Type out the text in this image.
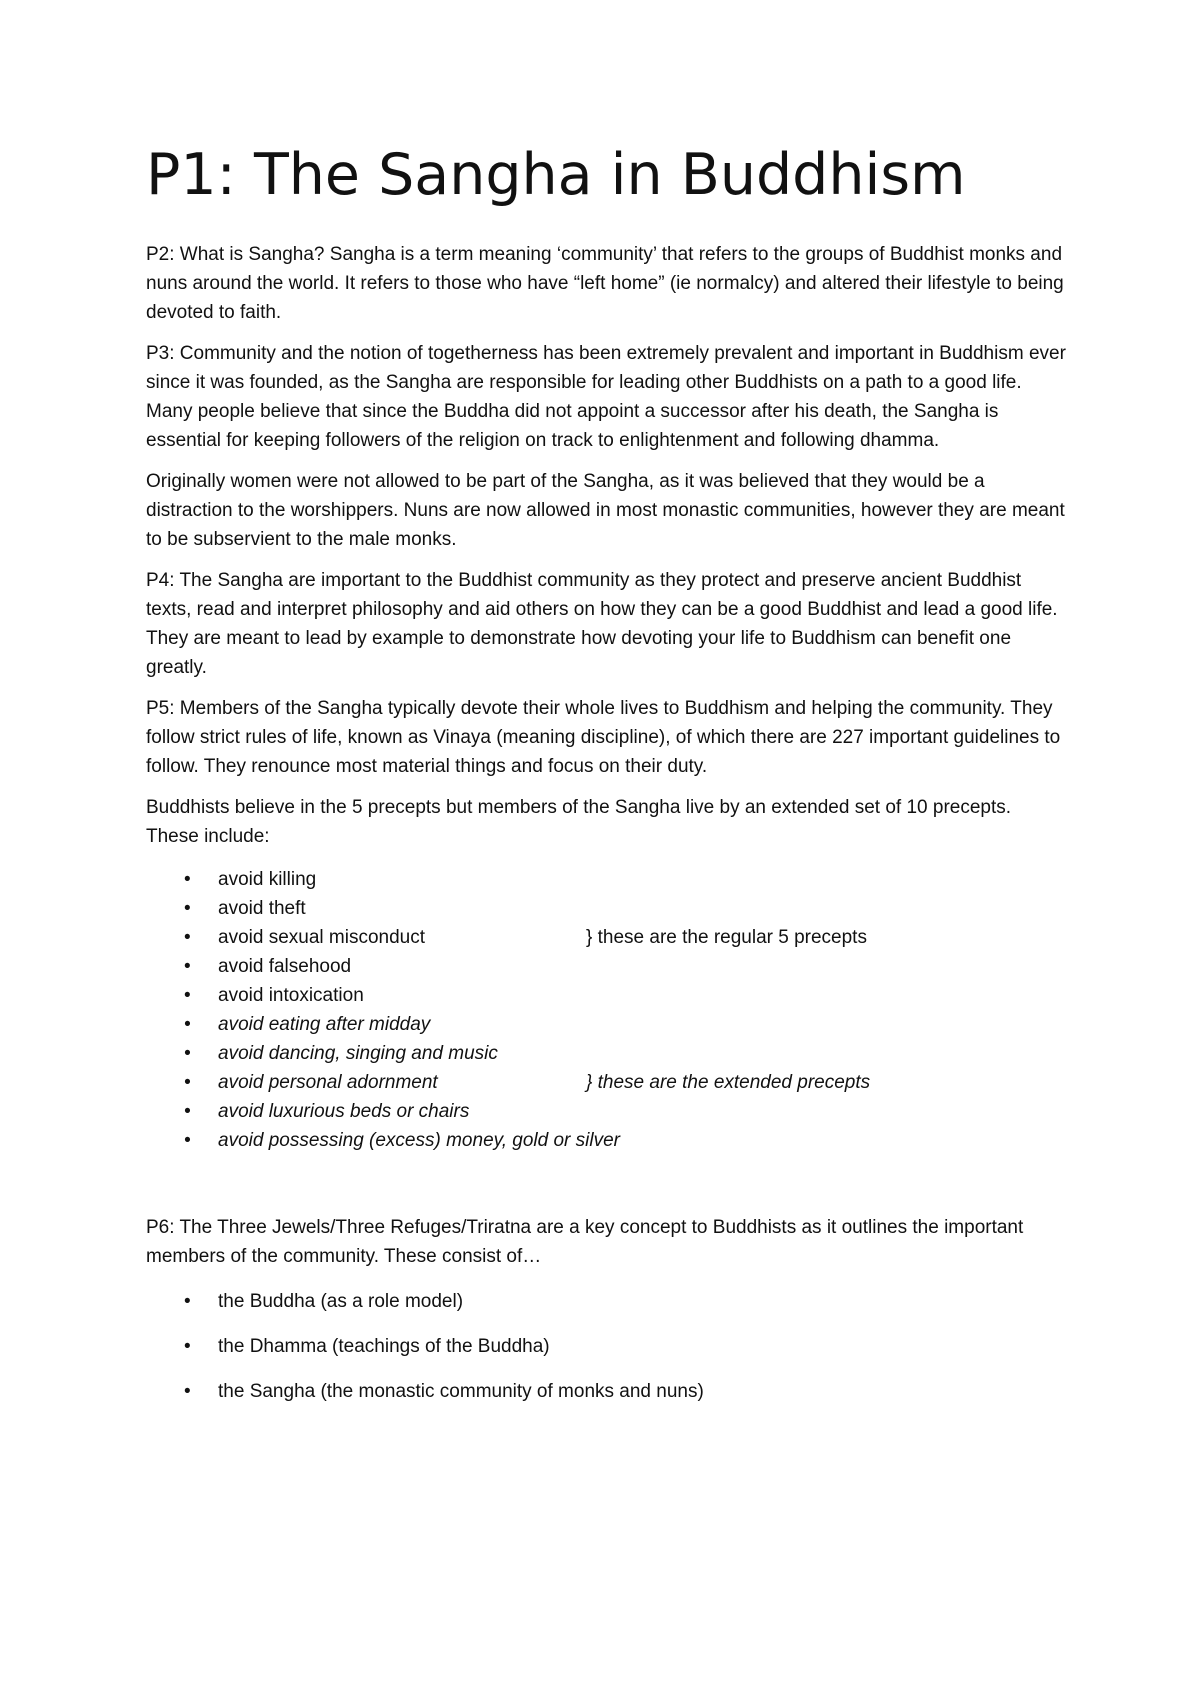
P1: The Sangha in Buddhism

P2: What is Sangha? Sangha is a term meaning ‘community’ that refers to the groups of Buddhist monks and nuns around the world. It refers to those who have “left home” (ie normalcy) and altered their lifestyle to being devoted to faith.

P3: Community and the notion of togetherness has been extremely prevalent and important in Buddhism ever since it was founded, as the Sangha are responsible for leading other Buddhists on a path to a good life. Many people believe that since the Buddha did not appoint a successor after his death, the Sangha is essential for keeping followers of the religion on track to enlightenment and following dhamma.

Originally women were not allowed to be part of the Sangha, as it was believed that they would be a distraction to the worshippers. Nuns are now allowed in most monastic communities, however they are meant to be subservient to the male monks.

P4: The Sangha are important to the Buddhist community as they protect and preserve ancient Buddhist texts, read and interpret philosophy and aid others on how they can be a good Buddhist and lead a good life. They are meant to lead by example to demonstrate how devoting your life to Buddhism can benefit one greatly.

P5: Members of the Sangha typically devote their whole lives to Buddhism and helping the community. They follow strict rules of life, known as Vinaya (meaning discipline), of which there are 227 important guidelines to follow. They renounce most material things and focus on their duty.

Buddhists believe in the 5 precepts but members of the Sangha live by an extended set of 10 precepts. These include:

• avoid killing
• avoid theft
• avoid sexual misconduct	} these are the regular 5 precepts
• avoid falsehood
• avoid intoxication
• avoid eating after midday
• avoid dancing, singing and music
• avoid personal adornment	} these are the extended precepts
• avoid luxurious beds or chairs
• avoid possessing (excess) money, gold or silver

P6: The Three Jewels/Three Refuges/Triratna are a key concept to Buddhists as it outlines the important members of the community. These consist of…

• the Buddha (as a role model)
• the Dhamma (teachings of the Buddha)
• the Sangha (the monastic community of monks and nuns)
